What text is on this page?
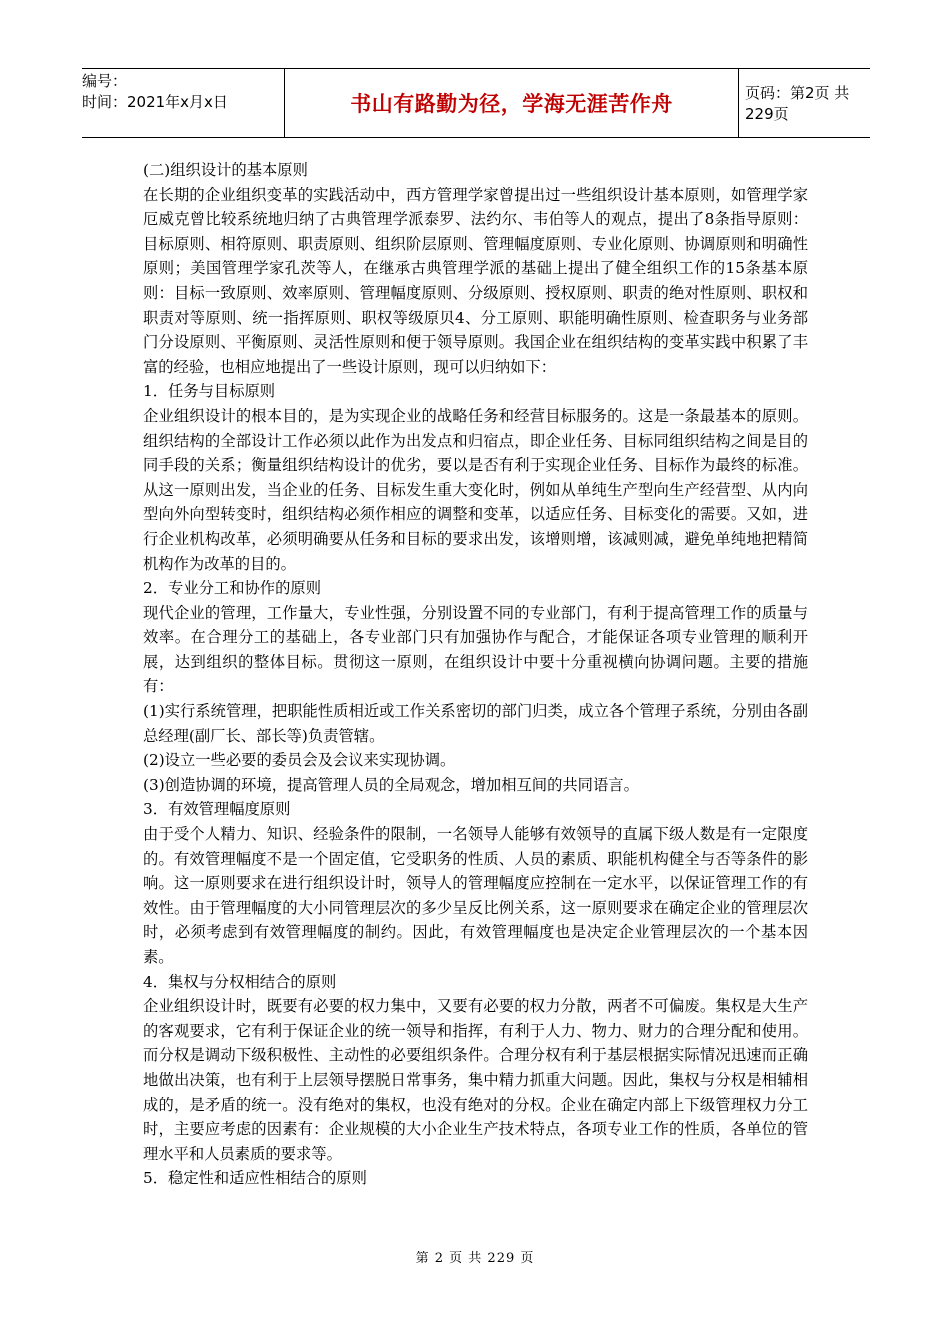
编号：
时间：2021年x月x日	书山有路勤为径，学海无涯苦作舟	页码：第2页 共229页

(二)组织设计的基本原则

在长期的企业组织变革的实践活动中，西方管理学家曾提出过一些组织设计基本原则，如管理学家厄威克曾比较系统地归纳了古典管理学派泰罗、法约尔、韦伯等人的观点，提出了8条指导原则：目标原则、相符原则、职责原则、组织阶层原则、管理幅度原则、专业化原则、协调原则和明确性原则；美国管理学家孔茨等人，在继承古典管理学派的基础上提出了健全组织工作的15条基本原则：目标一致原则、效率原则、管理幅度原则、分级原则、授权原则、职责的绝对性原则、职权和职责对等原则、统一指挥原则、职权等级原贝4、分工原则、职能明确性原则、检查职务与业务部门分设原则、平衡原则、灵活性原则和便于领导原则。我国企业在组织结构的变革实践中积累了丰富的经验，也相应地提出了一些设计原则，现可以归纳如下：

1．任务与目标原则

企业组织设计的根本目的，是为实现企业的战略任务和经营目标服务的。这是一条最基本的原则。组织结构的全部设计工作必须以此作为出发点和归宿点，即企业任务、目标同组织结构之间是目的同手段的关系；衡量组织结构设计的优劣，要以是否有利于实现企业任务、目标作为最终的标准。从这一原则出发，当企业的任务、目标发生重大变化时，例如从单纯生产型向生产经营型、从内向型向外向型转变时，组织结构必须作相应的调整和变革，以适应任务、目标变化的需要。又如，进行企业机构改革，必须明确要从任务和目标的要求出发，该增则增，该减则减，避免单纯地把精简机构作为改革的目的。

2．专业分工和协作的原则

现代企业的管理，工作量大，专业性强，分别设置不同的专业部门，有利于提高管理工作的质量与效率。在合理分工的基础上，各专业部门只有加强协作与配合，才能保证各项专业管理的顺利开展，达到组织的整体目标。贯彻这一原则，在组织设计中要十分重视横向协调问题。主要的措施有：

(1)实行系统管理，把职能性质相近或工作关系密切的部门归类，成立各个管理子系统，分别由各副总经理(副厂长、部长等)负责管辖。

(2)设立一些必要的委员会及会议来实现协调。

(3)创造协调的环境，提高管理人员的全局观念，增加相互间的共同语言。

3．有效管理幅度原则

由于受个人精力、知识、经验条件的限制，一名领导人能够有效领导的直属下级人数是有一定限度的。有效管理幅度不是一个固定值，它受职务的性质、人员的素质、职能机构健全与否等条件的影响。这一原则要求在进行组织设计时，领导人的管理幅度应控制在一定水平，以保证管理工作的有效性。由于管理幅度的大小同管理层次的多少呈反比例关系，这一原则要求在确定企业的管理层次时，必须考虑到有效管理幅度的制约。因此，有效管理幅度也是决定企业管理层次的一个基本因素。

4．集权与分权相结合的原则

企业组织设计时，既要有必要的权力集中，又要有必要的权力分散，两者不可偏废。集权是大生产的客观要求，它有利于保证企业的统一领导和指挥，有利于人力、物力、财力的合理分配和使用。而分权是调动下级积极性、主动性的必要组织条件。合理分权有利于基层根据实际情况迅速而正确地做出决策，也有利于上层领导摆脱日常事务，集中精力抓重大问题。因此，集权与分权是相辅相成的，是矛盾的统一。没有绝对的集权，也没有绝对的分权。企业在确定内部上下级管理权力分工时，主要应考虑的因素有：企业规模的大小企业生产技术特点，各项专业工作的性质，各单位的管理水平和人员素质的要求等。

5．稳定性和适应性相结合的原则

第 2 页 共 229 页
